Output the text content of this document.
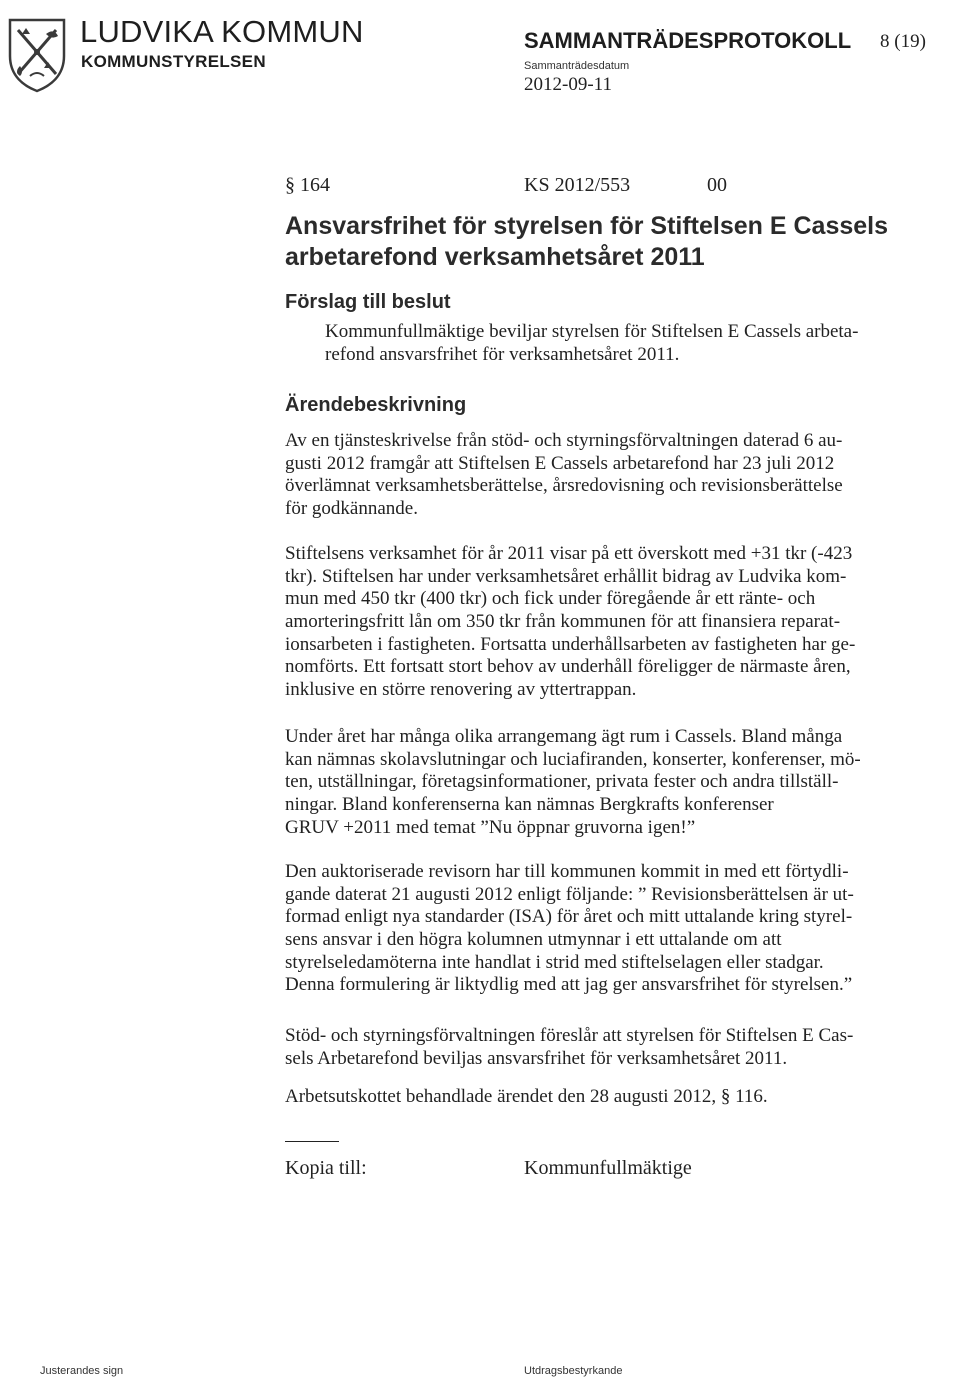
LUDVIKA KOMMUN
KOMMUNSTYRELSEN
SAMMANTRÄDESPROTOKOLL 8 (19)
Sammanträdesdatum
2012-09-11
§ 164	KS 2012/553	00
Ansvarsfrihet för styrelsen för Stiftelsen E Cassels arbetarefond verksamhetsåret 2011
Förslag till beslut
Kommunfullmäktige beviljar styrelsen för Stiftelsen E Cassels arbeta-
refond ansvarsfrihet för verksamhetsåret 2011.
Ärendebeskrivning
Av en tjänsteskrivelse från stöd- och styrningsförvaltningen daterad 6 au-
gusti 2012 framgår att Stiftelsen E Cassels arbetarefond har 23 juli 2012
överlämnat verksamhetsberättelse, årsredovisning och revisionsberättelse
för godkännande.
Stiftelsens verksamhet för år 2011 visar på ett överskott med +31 tkr (-423
tkr). Stiftelsen har under verksamhetsåret erhållit bidrag av Ludvika kom-
mun med 450 tkr (400 tkr) och fick under föregående år ett ränte- och
amorteringsfritt lån om 350 tkr från kommunen för att finansiera reparat-
ionsarbeten i fastigheten. Fortsatta underhållsarbeten av fastigheten har ge-
nomförts. Ett fortsatt stort behov av underhåll föreligger de närmaste åren,
inklusive en större renovering av yttertrappan.
Under året har många olika arrangemang ägt rum i Cassels. Bland många
kan nämnas skolavslutningar och luciafiranden, konserter, konferenser, mö-
ten, utställningar, företagsinformationer, privata fester och andra tillställ-
ningar. Bland konferenserna kan nämnas Bergkrafts konferenser
GRUV +2011 med temat ”Nu öppnar gruvorna igen!”
Den auktoriserade revisorn har till kommunen kommit in med ett förtydli-
gande daterat 21 augusti 2012 enligt följande: ” Revisionsberättelsen är ut-
formad enligt nya standarder (ISA) för året och mitt uttalande kring styrel-
sens ansvar i den högra kolumnen utmynnar i ett uttalande om att
styrelseledamöterna inte handlat i strid med stiftelselagen eller stadgar.
Denna formulering är liktydlig med att jag ger ansvarsfrihet för styrelsen.”
Stöd- och styrningsförvaltningen föreslår att styrelsen för Stiftelsen E Cas-
sels Arbetarefond beviljas ansvarsfrihet för verksamhetsåret 2011.
Arbetsutskottet behandlade ärendet den 28 augusti 2012, § 116.
Kopia till:	Kommunfullmäktige
Justerandes sign	Utdragsbestyrkande
